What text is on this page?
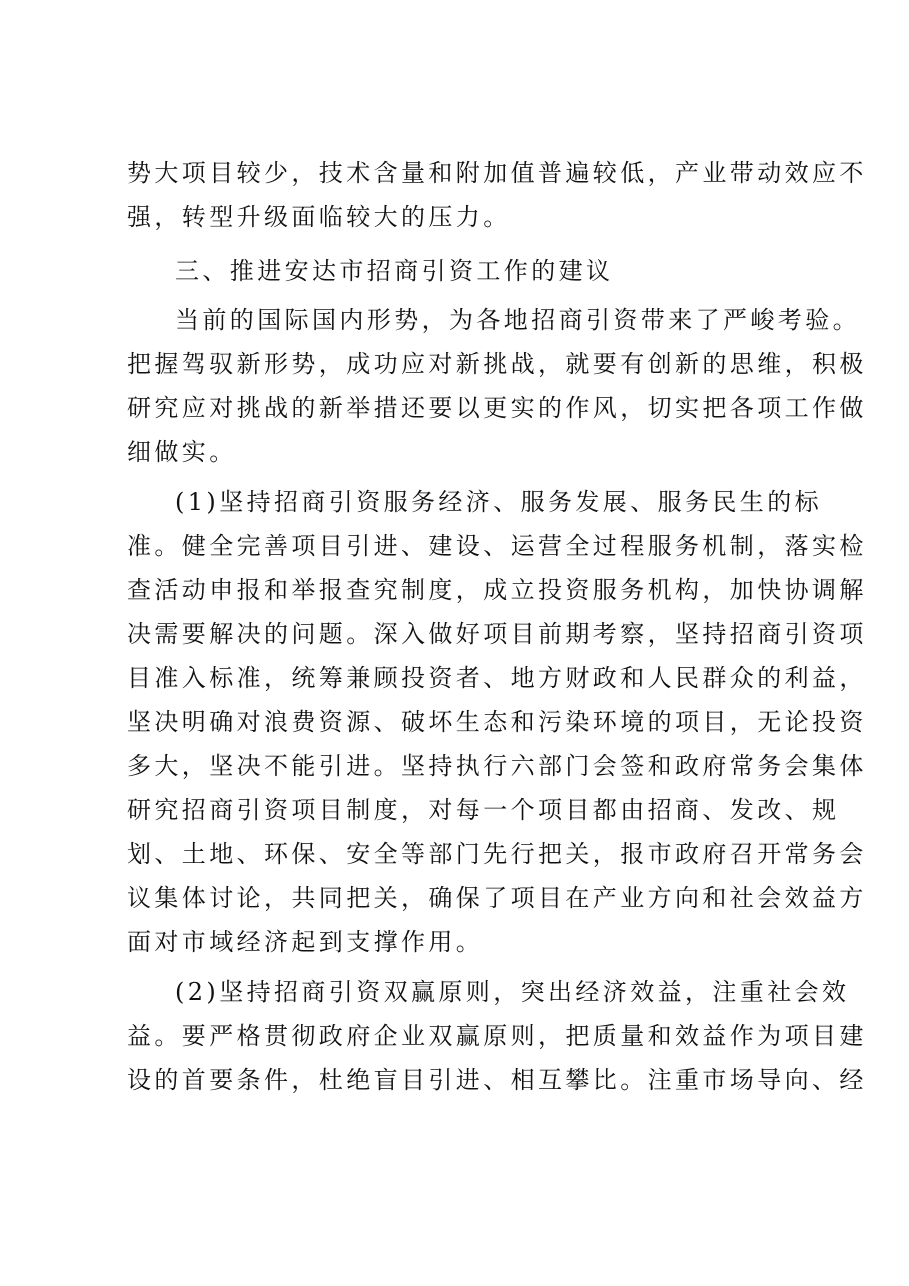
势大项目较少，技术含量和附加值普遍较低，产业带动效应不
强，转型升级面临较大的压力。
三、推进安达市招商引资工作的建议
当前的国际国内形势，为各地招商引资带来了严峻考验。
把握驾驭新形势，成功应对新挑战，就要有创新的思维，积极
研究应对挑战的新举措还要以更实的作风，切实把各项工作做
细做实。
(1)坚持招商引资服务经济、服务发展、服务民生的标
准。健全完善项目引进、建设、运营全过程服务机制，落实检
查活动申报和举报查究制度，成立投资服务机构，加快协调解
决需要解决的问题。深入做好项目前期考察，坚持招商引资项
目准入标准，统筹兼顾投资者、地方财政和人民群众的利益，
坚决明确对浪费资源、破坏生态和污染环境的项目，无论投资
多大，坚决不能引进。坚持执行六部门会签和政府常务会集体
研究招商引资项目制度，对每一个项目都由招商、发改、规
划、土地、环保、安全等部门先行把关，报市政府召开常务会
议集体讨论，共同把关，确保了项目在产业方向和社会效益方
面对市域经济起到支撑作用。
(2)坚持招商引资双赢原则，突出经济效益，注重社会效
益。要严格贯彻政府企业双赢原则，把质量和效益作为项目建
设的首要条件，杜绝盲目引进、相互攀比。注重市场导向、经
